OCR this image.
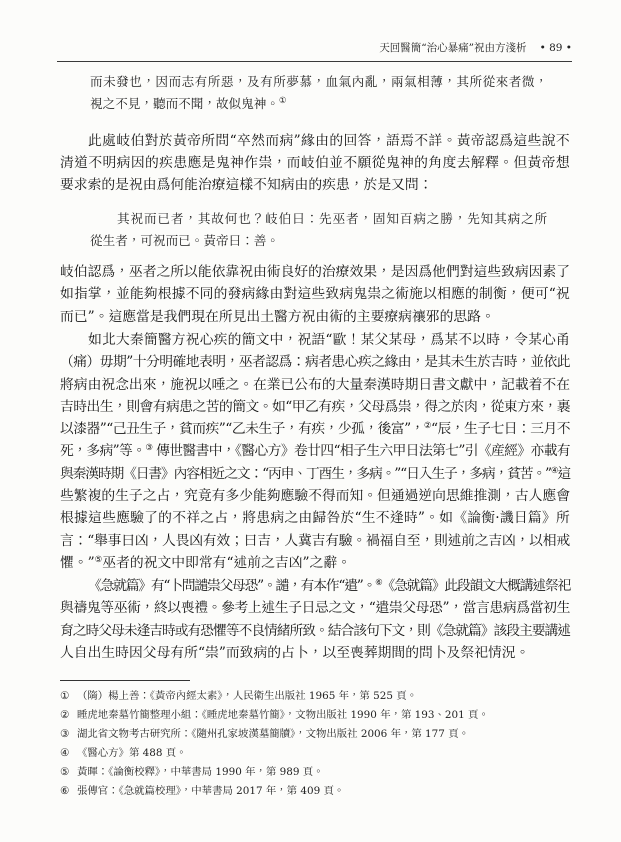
天回醫簡“治心暴痛”祝由方淺析 • 89 •
而未發也，因而志有所惡，及有所夢慕，血氣內亂，兩氣相薄，其所從來者微，
視之不見，聽而不聞，故似鬼神。①
此處岐伯對於黃帝所問“卒然而病”緣由的回答，語焉不詳。黃帝認爲這些說不
清道不明病因的疾患應是鬼神作祟，而岐伯並不願從鬼神的角度去解釋。但黃帝想
要求索的是祝由爲何能治療這樣不知病由的疾患，於是又問：
其祝而已者，其故何也？岐伯曰：先巫者，固知百病之勝，先知其病之所
從生者，可祝而已。黃帝曰：善。
岐伯認爲，巫者之所以能依靠祝由術良好的治療效果，是因爲他們對這些致病因素了
如指掌，並能夠根據不同的發病緣由對這些致病鬼祟之術施以相應的制衡，便可“祝
而已”。這應當是我們現在所見出土醫方祝由術的主要療病禳邪的思路。
如北大秦簡醫方祝心疾的簡文中，祝語“歐！某父某母，爲某不以時，令某心甬
（痛）毋期”十分明確地表明，巫者認爲：病者患心疾之緣由，是其未生於吉時，並依此
將病由祝念出來，施祝以唾之。在業已公布的大量秦漢時期日書文獻中，記載着不在
吉時出生，則會有病患之苦的簡文。如“甲乙有疾，父母爲祟，得之於肉，從東方來，裹
以漆器”“己丑生子，貧而疾”“乙未生子，有疾，少孤，後富”，②“辰，生子七日：三月不
死，多病”等。③ 傳世醫書中，《醫心方》卷廿四“相子生六甲日法第七”引《産經》亦載有
與秦漢時期《日書》內容相近之文：“丙申、丁酉生，多病。”“日入生子，多病，貧苦。”④這
些繁複的生子之占，究竟有多少能夠應驗不得而知。但通過逆向思維推測，古人應會
根據這些應驗了的不祥之占，將患病之由歸咎於“生不逢時”。如《論衡·譏日篇》所
言：“舉事曰凶，人畏凶有效；曰吉，人冀吉有驗。禍福自至，則述前之吉凶，以相戒
懼。”⑤巫者的祝文中即常有“述前之吉凶”之辭。
《急就篇》有“卜問譴祟父母恐”。譴，有本作“遣”。⑥《急就篇》此段韻文大概講述祭祀
與禱鬼等巫術，終以喪禮。參考上述生子日忌之文，“遣祟父母恐”，當言患病爲當初生
育之時父母未逢吉時或有恐懼等不良情緒所致。結合該句下文，則《急就篇》該段主要講述
人自出生時因父母有所“祟”而致病的占卜，以至喪葬期間的問卜及祭祀情況。
① （隋）楊上善：《黃帝內經太素》，人民衛生出版社 1965 年，第 525 頁。
② 睡虎地秦墓竹簡整理小組：《睡虎地秦墓竹簡》，文物出版社 1990 年，第 193、201 頁。
③ 湖北省文物考古研究所：《隨州孔家坡漢墓簡牘》，文物出版社 2006 年，第 177 頁。
④ 《醫心方》第 488 頁。
⑤ 黃暉：《論衡校釋》，中華書局 1990 年，第 989 頁。
⑥ 張傳官：《急就篇校理》，中華書局 2017 年，第 409 頁。
